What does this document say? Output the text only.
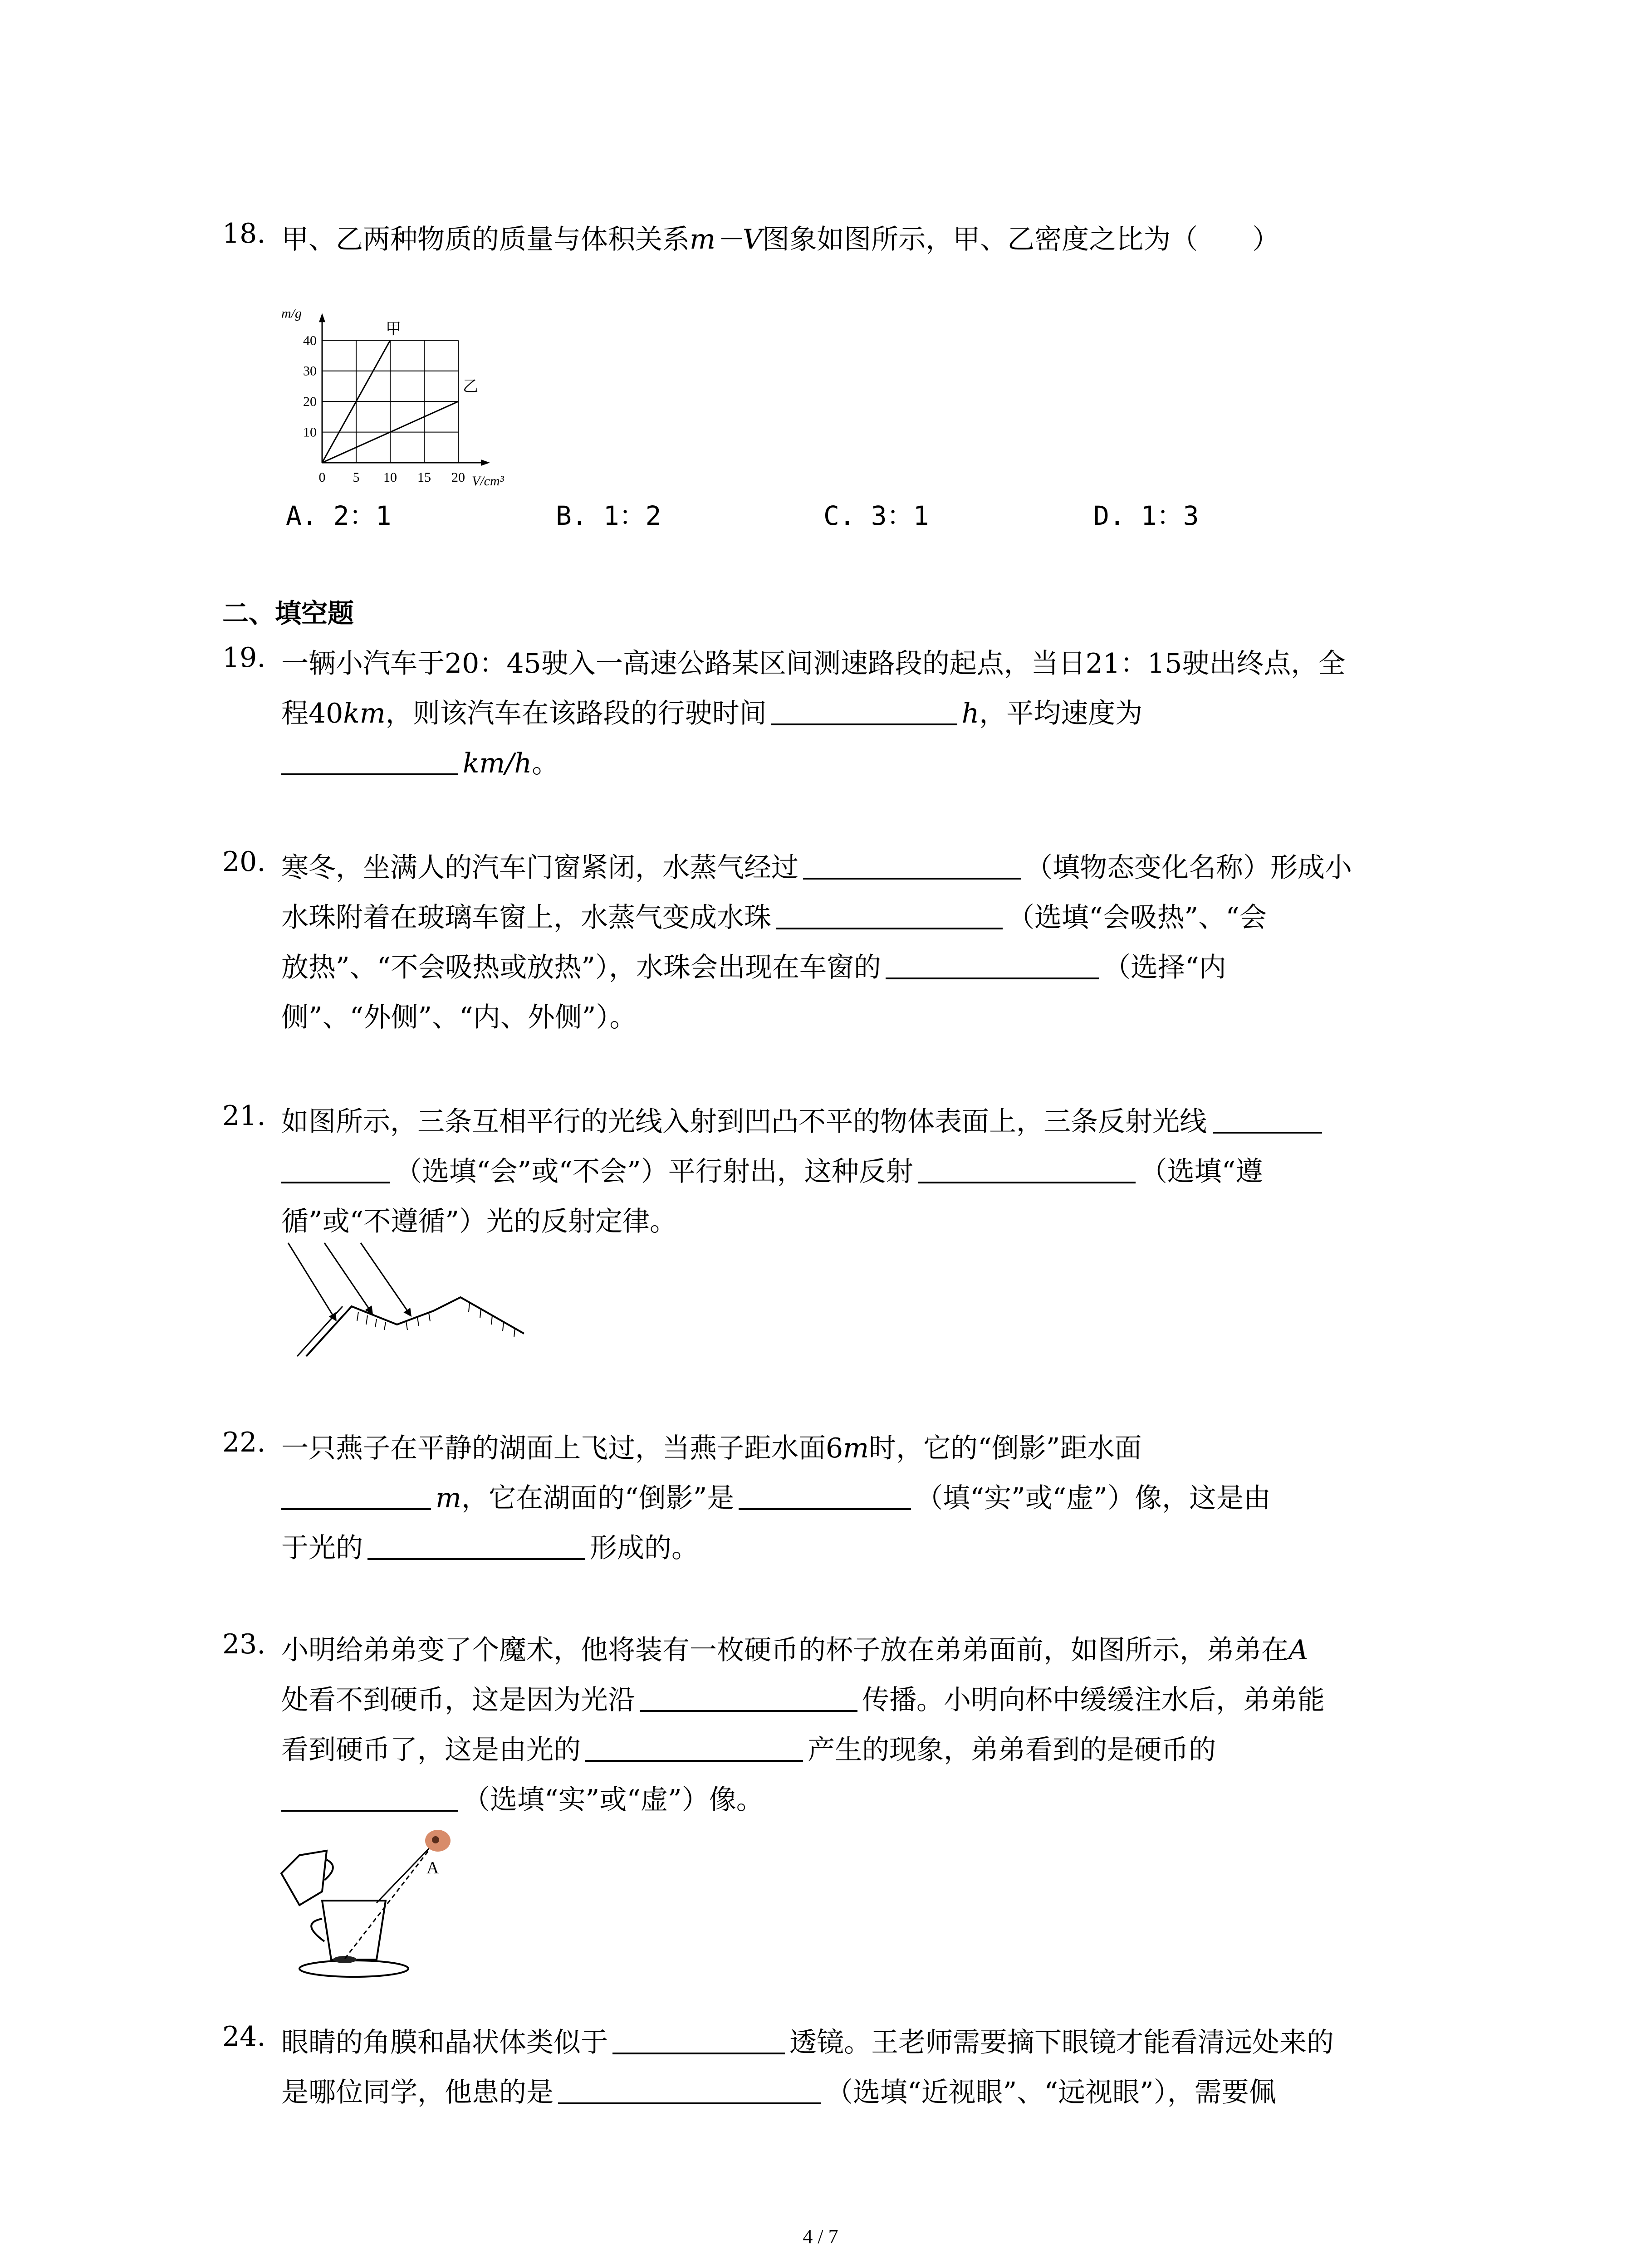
18. 甲、乙两种物质的质量与体积关系m－V图象如图所示，甲、乙密度之比为（　　）
甲
乙
0 5 10 15 20
10
20
30
40
m/g
V/cm³
A. 2：1	B. 1：2	C. 3：1	D. 1：3
二、填空题
19. 一辆小汽车于20：45驶入一高速公路某区间测速路段的起点，当日21：15驶出终点，全
程40km，则该汽车在该路段的行驶时间	h，平均速度为
km/h。
20. 寒冬，坐满人的汽车门窗紧闭，水蒸气经过	（填物态变化名称）形成小
水珠附着在玻璃车窗上，水蒸气变成水珠	（选填“会吸热”、“会
放热”、“不会吸热或放热”），水珠会出现在车窗的	（选择“内
侧”、“外侧”、“内、外侧”）。
21. 如图所示，三条互相平行的光线入射到凹凸不平的物体表面上，三条反射光线
（选填“会”或“不会”）平行射出，这种反射	（选填“遵
循”或“不遵循”）光的反射定律。
22. 一只燕子在平静的湖面上飞过，当燕子距水面6m时，它的“倒影”距水面
m，它在湖面的“倒影”是	（填“实”或“虚”）像，这是由
于光的	形成的。
23. 小明给弟弟变了个魔术，他将装有一枚硬币的杯子放在弟弟面前，如图所示，弟弟在A
处看不到硬币，这是因为光沿	传播。小明向杯中缓缓注水后，弟弟能
看到硬币了，这是由光的	产生的现象，弟弟看到的是硬币的
（选填“实”或“虚”）像。
A
24. 眼睛的角膜和晶状体类似于	透镜。王老师需要摘下眼镜才能看清远处来的
是哪位同学，他患的是	（选填“近视眼”、“远视眼”），需要佩
4 / 7
